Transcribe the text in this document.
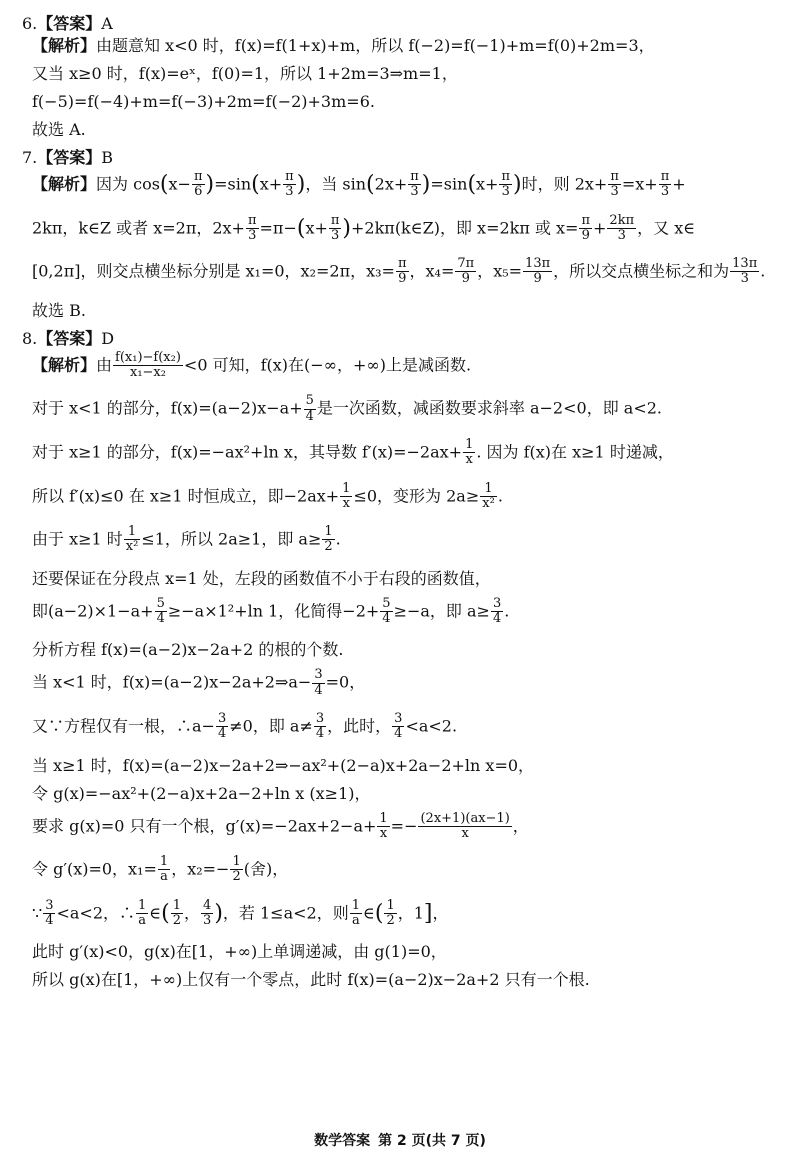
6.【答案】A
【解析】由题意知 x<0 时，f(x)=f(1+x)+m，所以 f(−2)=f(−1)+m=f(0)+2m=3，
又当 x≥0 时，f(x)=eˣ，f(0)=1，所以 1+2m=3⇒m=1，
f(−5)=f(−4)+m=f(−3)+2m=f(−2)+3m=6.
故选 A.
7.【答案】B
【解析】因为 $\cos(x- \frac{\pi}{6} )=\sin(x+ \frac{\pi}{3}$ )，当 $\sin(2x+ \frac{\pi}{3} )=\sin(x+ \frac{\pi}{3}$ )时，则 $2x+ \frac{\pi}{3} =x+ \frac{\pi}{3}$ +
2kπ，k∈Z 或者 x=2π，$2x+ \frac{\pi}{3} =\pi-(x+ \frac{\pi}{3}$ )+2kπ(k∈Z)，即 x=2kπ 或 $x= \frac{\pi}{9} + \frac{2k\pi}{3}$ ，又 x∈
[0,2π]，则交点横坐标分别是 x₁=0，x₂=2π，$x_3= \frac{\pi}{9}$ ，$x_4= \frac{7\pi}{9}$ ，$x_5= \frac{13\pi}{9}$ ，所以交点横坐标之和为 $\frac{13\pi}{3}$ .
故选 B.
8.【答案】D
【解析】由 $\frac{\text{f(x₁)−f(x₂)}}{\text{x₁−x₂}} <0$ 可知，f(x)在(−∞，+∞)上是减函数.
对于 x<1 的部分，$f(x)=(a-2)x-a+ \frac{5}{4}$ 是一次函数，减函数要求斜率 a−2<0，即 a<2.
对于 x≥1 的部分，f(x)=−ax²+ln x，其导数 $f'(x)=-2ax+ \frac{1}{x}$ . 因为 f(x)在 x≥1 时递减，
所以 f′(x)≤0 在 x≥1 时恒成立，即$-2ax+ \frac{1}{x} \le 0$，变形为 $2a\ge \frac{1}{\text{x²}}$ .
由于 x≥1 时 $\frac{1}{\text{x²}} \le 1$，所以 2a≥1，即 $a\ge \frac{1}{2}$ .
还要保证在分段点 x=1 处，左段的函数值不小于右段的函数值，
即$(a-2)\times 1-a+ \frac{5}{4} \ge-a\times 1^2+\ln$ 1，化简得$-2+ \frac{5}{4} \ge-a$，即 $a\ge \frac{3}{4}$ .
分析方程 f(x)=(a−2)x−2a+2 的根的个数.
当 x<1 时，f(x)=(a−2)x−2a+2⇒a− $\frac{3}{4} =0$，
又∵方程仅有一根，∴a− $\frac{3}{4} \ne 0$，即 $a\ne \frac{3}{4}$ ，此时， $\frac{3}{4} <a<2$.
当 x≥1 时，f(x)=(a−2)x−2a+2⇒−ax²+(2−a)x+2a−2+ln x=0，
令 g(x)=−ax²+(2−a)x+2a−2+ln x (x≥1)，
要求 g(x)=0 只有一个根，$g'(x)=-2ax+2-a+ \frac{1}{x} =- \frac{(2x+1)(ax-1)}{x}$ ，
令 g′(x)=0，$x_1= \frac{1}{a}$ ，$x_2=- \frac{1}{2}$ (舍)，
∵ $\frac{3}{4} <a<2$，∴ $\frac{1}{a}$ ∈( $\frac{1}{2}$ ， $\frac{4}{3}$ )，若 1≤a<2，则 $\frac{1}{a}$ ∈( $\frac{1}{2}$ ，1]，
此时 g′(x)<0，g(x)在[1，+∞)上单调递减，由 g(1)=0，
所以 g(x)在[1，+∞)上仅有一个零点，此时 f(x)=(a−2)x−2a+2 只有一个根.
数学答案 第 2 页(共 7 页)
